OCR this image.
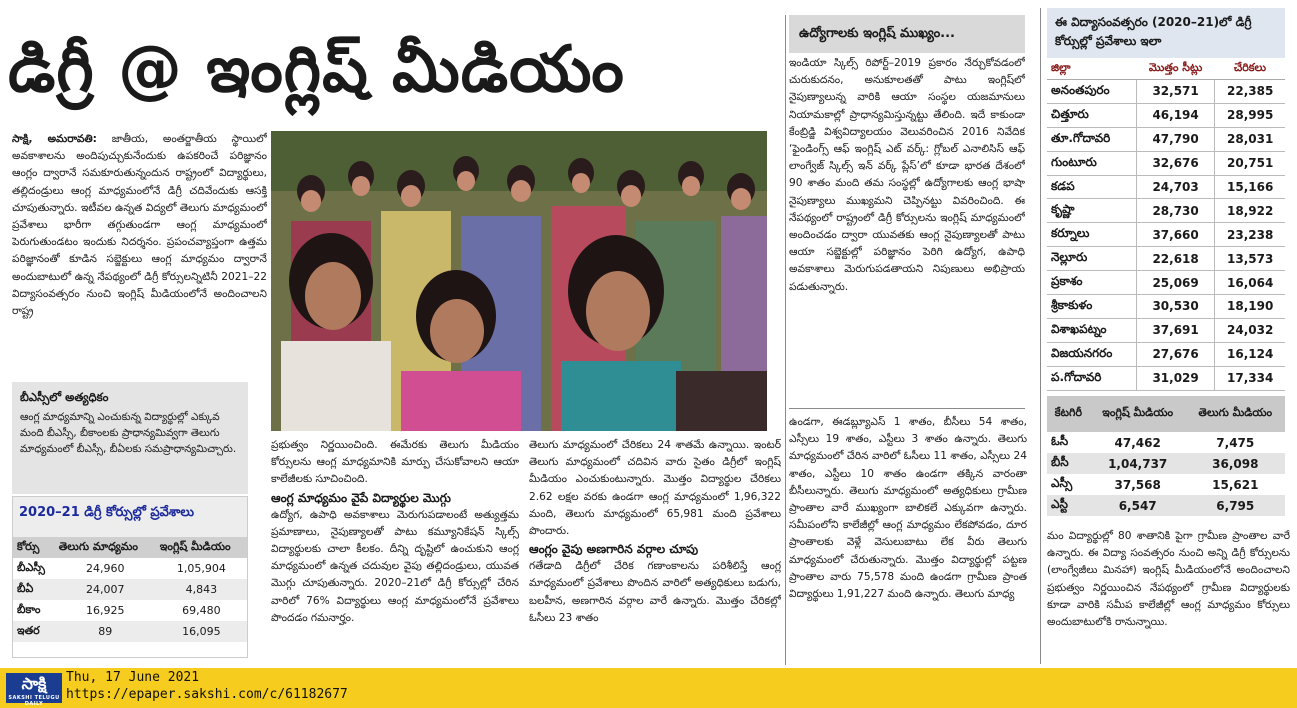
డిగ్రీ @ ఇంగ్లిష్ మీడియం
సాక్షి, అమరావతి: జాతీయ, అంతర్జాతీయ స్థాయిలో అవకాశాలను అందిపుచ్చుకునేందుకు ఉపకరించే పరిజ్ఞానం ఆంగ్లం ద్వారానే సమకూరుతున్నందున రాష్ట్రంలో విద్యార్థులు, తల్లిదండ్రులు ఆంగ్ల మాధ్యమంలోనే డిగ్రీ చదివేందుకు ఆసక్తి చూపుతున్నారు. ఇటీవల ఉన్నత విద్యలో తెలుగు మాధ్యమంలో ప్రవేశాలు భారీగా తగ్గుతుండగా ఆంగ్ల మాధ్యమంలో పెరుగుతుండటం ఇందుకు నిదర్శనం. ప్రపంచవ్యాప్తంగా ఉత్తమ పరిజ్ఞానంతో కూడిన సబ్జెక్టులు ఆంగ్ల మాధ్యమం ద్వారానే అందుబాటులో ఉన్న నేపథ్యంలో డిగ్రీ కోర్సులన్నిటినీ 2021–22 విద్యాసంవత్సరం నుంచి ఇంగ్లిష్ మీడియంలోనే అందించాలని రాష్ట్ర
బీఎస్సీలో అత్యధికం
ఆంగ్ల మాధ్యమాన్ని ఎంచుకున్న విద్యార్థుల్లో ఎక్కువ మంది బీఎస్సీ, బీకాంలకు ప్రాధాన్యమివ్వగా తెలుగు మాధ్యమంలో బీఎస్సీ, బీఏలకు సమప్రాధాన్యమిచ్చారు.
2020–21 డిగ్రీ కోర్సుల్లో ప్రవేశాలు
కోర్సు	తెలుగు మాధ్యమం	ఇంగ్లిష్ మీడియం
బీఎస్సీ	24,960	1,05,904
బీఏ	24,007	4,843
బీకాం	16,925	69,480
ఇతర	89	16,095
ప్రభుత్వం నిర్ణయించింది. ఈమేరకు తెలుగు మీడియం కోర్సులను ఆంగ్ల మాధ్యమానికి మార్పు చేసుకోవాలని ఆయా కాలేజీలకు సూచించింది.
ఆంగ్ల మాధ్యమం వైపే విద్యార్థుల మొగ్గు
ఉద్యోగ, ఉపాధి అవకాశాలు మెరుగుపడాలంటే అత్యుత్తమ ప్రమాణాలు, నైపుణ్యాలతో పాటు కమ్యూనికేషన్ స్కిల్స్ విద్యార్థులకు చాలా కీలకం. దీన్ని దృష్టిలో ఉంచుకుని ఆంగ్ల మాధ్యమంలో ఉన్నత చదువుల వైపు తల్లిదండ్రులు, యువత మొగ్గు చూపుతున్నారు. 2020–21లో డిగ్రీ కోర్సుల్లో చేరిన వారిలో 76% విద్యార్థులు ఆంగ్ల మాధ్యమంలోనే ప్రవేశాలు పొందడం గమనార్హం.
తెలుగు మాధ్యమంలో చేరికలు 24 శాతమే ఉన్నాయి. ఇంటర్ తెలుగు మాధ్యమంలో చదివిన వారు సైతం డిగ్రీలో ఇంగ్లిష్ మీడియం ఎంచుకుంటున్నారు. మొత్తం విద్యార్థుల చేరికలు 2.62 లక్షల వరకు ఉండగా ఆంగ్ల మాధ్యమంలో 1,96,322 మంది, తెలుగు మాధ్యమంలో 65,981 మంది ప్రవేశాలు పొందారు.
ఆంగ్లం వైపు అణగారిన వర్గాల చూపు
గతేడాది డిగ్రీలో చేరిక గణాంకాలను పరిశీలిస్తే ఆంగ్ల మాధ్యమంలో ప్రవేశాలు పొందిన వారిలో అత్యధికులు బడుగు, బలహీన, అణగారిన వర్గాల వారే ఉన్నారు. మొత్తం చేరికల్లో ఓసీలు 23 శాతం
ఉద్యోగాలకు ఇంగ్లిష్ ముఖ్యం...
ఇండియా స్కిల్స్ రిపోర్ట్–2019 ప్రకారం నేర్చుకోవడంలో చురుకుదనం, అనుకూలతతో పాటు ఇంగ్లిష్‌లో నైపుణ్యాలున్న వారికి ఆయా సంస్థల యజమానులు నియామకాల్లో ప్రాధాన్యమిస్తున్నట్టు తేలింది. ఇదే కాకుండా కేంబ్రిడ్జి విశ్వవిద్యాలయం వెలువరించిన 2016 నివేదిక ‘ఫైండింగ్స్ ఆఫ్ ఇంగ్లిష్ ఎట్ వర్క్: గ్లోబల్ ఎనాలిసిస్ ఆఫ్ లాంగ్వేజ్ స్కిల్స్ ఇన్ వర్క్ ప్లేస్’లో కూడా భారత దేశంలో 90 శాతం మంది తమ సంస్థల్లో ఉద్యోగాలకు ఆంగ్ల భాషా నైపుణ్యాలు ముఖ్యమని చెప్పినట్టు వివరించింది. ఈ నేపథ్యంలో రాష్ట్రంలో డిగ్రీ కోర్సులను ఇంగ్లిష్ మాధ్యమంలో అందించడం ద్వారా యువతకు ఆంగ్ల నైపుణ్యాలతో పాటు ఆయా సబ్జెక్టుల్లో పరిజ్ఞానం పెరిగి ఉద్యోగ, ఉపాధి అవకాశాలు మెరుగుపడతాయని నిపుణులు అభిప్రాయ పడుతున్నారు.
ఉండగా, ఈడబ్ల్యూఎస్ 1 శాతం, బీసీలు 54 శాతం, ఎస్సీలు 19 శాతం, ఎస్టీలు 3 శాతం ఉన్నారు. తెలుగు మాధ్యమంలో చేరిన వారిలో ఓసీలు 11 శాతం, ఎస్సీలు 24 శాతం, ఎస్టీలు 10 శాతం ఉండగా తక్కిన వారంతా బీసీలున్నారు. తెలుగు మాధ్యమంలో అత్యధికులు గ్రామీణ ప్రాంతాల వారే ముఖ్యంగా బాలికలే ఎక్కువగా ఉన్నారు. సమీపంలోని కాలేజీల్లో ఆంగ్ల మాధ్యమం లేకపోవడం, దూర ప్రాంతాలకు వెళ్లే వెసులుబాటు లేక వీరు తెలుగు మాధ్యమంలో చేరుతున్నారు. మొత్తం విద్యార్థుల్లో పట్టణ ప్రాంతాల వారు 75,578 మంది ఉండగా గ్రామీణ ప్రాంత విద్యార్థులు 1,91,227 మంది ఉన్నారు. తెలుగు మాధ్య
ఈ విద్యాసంవత్సరం (2020–21)లో డిగ్రీ కోర్సుల్లో ప్రవేశాలు ఇలా
జిల్లా	మొత్తం సీట్లు	చేరికలు
అనంతపురం	32,571	22,385
చిత్తూరు	46,194	28,995
తూ.గోదావరి	47,790	28,031
గుంటూరు	32,676	20,751
కడప	24,703	15,166
కృష్ణా	28,730	18,922
కర్నూలు	37,660	23,238
నెల్లూరు	22,618	13,573
ప్రకాశం	25,069	16,064
శ్రీకాకుళం	30,530	18,190
విశాఖపట్నం	37,691	24,032
విజయనగరం	27,676	16,124
ప.గోదావరి	31,029	17,334
కేటగిరీ	ఇంగ్లిష్ మీడియం	తెలుగు మీడియం
ఓసీ	47,462	7,475
బీసీ	1,04,737	36,098
ఎస్సీ	37,568	15,621
ఎస్టీ	6,547	6,795
మం విద్యార్థుల్లో 80 శాతానికి పైగా గ్రామీణ ప్రాంతాల వారే ఉన్నారు. ఈ విద్యా సంవత్సరం నుంచి అన్ని డిగ్రీ కోర్సులను (లాంగ్వేజీలు మినహా) ఇంగ్లిష్ మీడియంలోనే అందించాలని ప్రభుత్వం నిర్ణయించిన నేపథ్యంలో గ్రామీణ విద్యార్థులకు కూడా వారికి సమీప కాలేజీల్లో ఆంగ్ల మాధ్యమం కోర్సులు అందుబాటులోకి రానున్నాయి.
సాక్షి
SAKSHI TELUGU DAILY
Thu, 17 June 2021
https://epaper.sakshi.com/c/61182677
